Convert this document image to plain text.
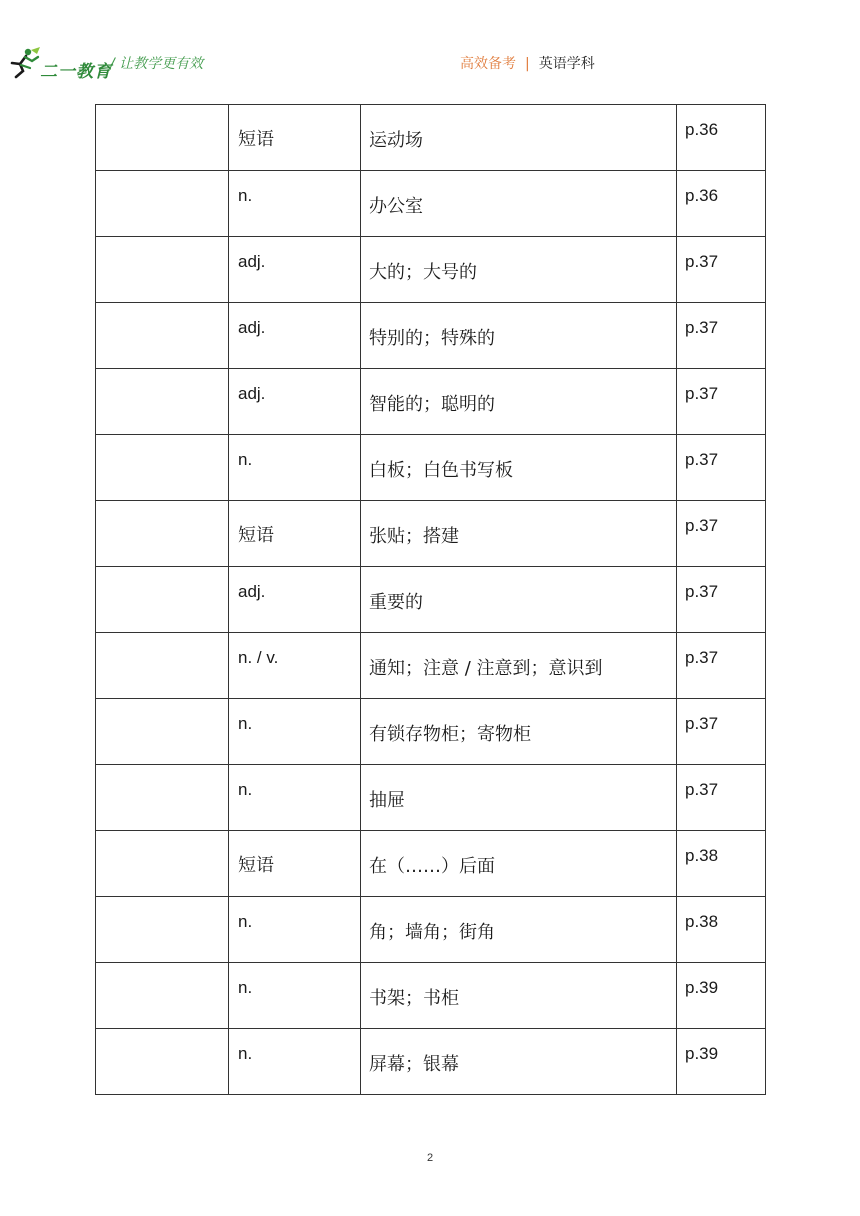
二一教育
/ 让教学更有效	高效备考 | 英语学科

	短语	运动场	p.36

	n.	办公室	p.36

	adj.	大的；大号的	p.37

	adj.	特别的；特殊的	p.37

	adj.	智能的；聪明的	p.37

	n.	白板；白色书写板	p.37

	短语	张贴；搭建	p.37

	adj.	重要的	p.37

	n. / v.	通知；注意 / 注意到；意识到	p.37

	n.	有锁存物柜；寄物柜	p.37

	n.	抽屉	p.37

	短语	在（……）后面	p.38

	n.	角；墙角；街角	p.38

	n.	书架；书柜	p.39

	n.	屏幕；银幕	p.39
2
